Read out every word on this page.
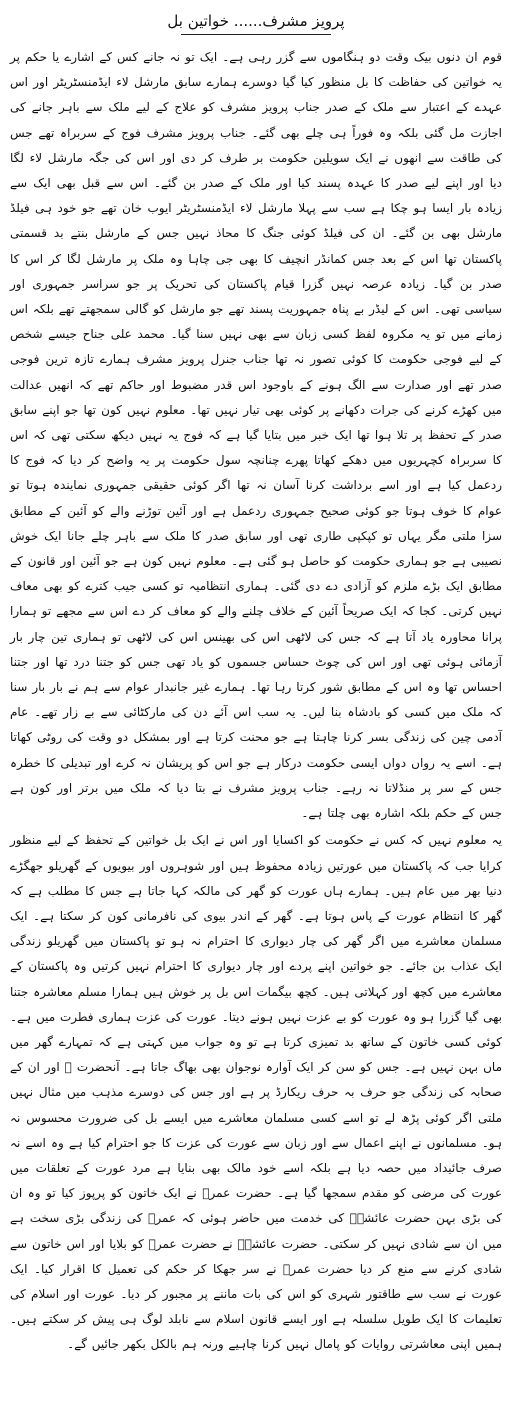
پرویز مشرف...... خواتین بل

قوم ان دنوں بیک وقت دو ہنگاموں سے گزر رہی ہے۔ ایک تو نہ جانے کس کے اشارے یا حکم پر یہ خواتین کی حفاظت کا بل منظور کیا گیا دوسرے ہمارے سابق مارشل لاء ایڈمنسٹریٹر اور اس عہدے کے اعتبار سے ملک کے صدر جناب پرویز مشرف کو علاج کے لیے ملک سے باہر جانے کی اجازت مل گئی بلکہ وہ فوراً ہی چلے بھی گئے۔ جناب پرویز مشرف فوج کے سربراہ تھے جس کی طاقت سے انھوں نے ایک سویلین حکومت بر طرف کر دی اور اس کی جگہ مارشل لاء لگا دیا اور اپنے لیے صدر کا عہدہ پسند کیا اور ملک کے صدر بن گئے۔ اس سے قبل بھی ایک سے زیادہ بار ایسا ہو چکا ہے سب سے پہلا مارشل لاء ایڈمنسٹریٹر ایوب خان تھے جو خود ہی فیلڈ مارشل بھی بن گئے۔ ان کی فیلڈ کوئی جنگ کا محاذ نہیں جس کے مارشل بنتے بد قسمتی پاکستان تھا اس کے بعد جس کمانڈر انچیف کا بھی جی چاہا وہ ملک پر مارشل لگا کر اس کا صدر بن گیا۔ زیادہ عرصہ نہیں گزرا قیام پاکستان کی تحریک پر جو سراسر جمہوری اور سیاسی تھی۔ اس کے لیڈر بے پناہ جمہوریت پسند تھے جو مارشل کو گالی سمجھتے تھے بلکہ اس زمانے میں تو یہ مکروہ لفظ کسی زبان سے بھی نہیں سنا گیا۔ محمد علی جناح جیسے شخص کے لیے فوجی حکومت کا کوئی تصور نہ تھا جناب جنرل پرویز مشرف ہمارے تازہ ترین فوجی صدر تھے اور صدارت سے الگ ہونے کے باوجود اس قدر مضبوط اور حاکم تھے کہ انھیں عدالت میں کھڑے کرنے کی جرات دکھانے پر کوئی بھی تیار نہیں تھا۔ معلوم نہیں کون تھا جو اپنے سابق صدر کے تحفظ پر تلا ہوا تھا ایک خبر میں بتایا گیا ہے کہ فوج یہ نہیں دیکھ سکتی تھی کہ اس کا سربراہ کچہریوں میں دھکے کھاتا پھرے چنانچہ سول حکومت پر یہ واضح کر دیا کہ فوج کا ردعمل کیا ہے اور اسے برداشت کرنا آسان نہ تھا اگر کوئی حقیقی جمہوری نمایندہ ہوتا تو عوام کا خوف ہوتا جو کوئی صحیح جمہوری ردعمل ہے اور آئین توڑنے والے کو آئین کے مطابق سزا ملتی مگر یہاں تو کپکپی طاری تھی اور سابق صدر کا ملک سے باہر چلے جانا ایک خوش نصیبی ہے جو ہماری حکومت کو حاصل ہو گئی ہے۔ معلوم نہیں کون ہے جو آئین اور قانون کے مطابق ایک بڑے ملزم کو آزادی دے دی گئی۔ ہماری انتظامیہ تو کسی جیب کترے کو بھی معاف نہیں کرتی۔ کجا کہ ایک صریحاً آئین کے خلاف چلنے والے کو معاف کر دے اس سے مجھے تو ہمارا پرانا محاورہ یاد آتا ہے کہ جس کی لاٹھی اس کی بھینس اس کی لاٹھی تو ہماری تین چار بار آزمائی ہوئی تھی اور اس کی چوٹ حساس جسموں کو یاد تھی جس کو جتنا درد تھا اور جتنا احساس تھا وہ اس کے مطابق شور کرتا رہا تھا۔ ہمارے غیر جانبدار عوام سے ہم نے بار بار سنا کہ ملک میں کسی کو بادشاہ بنا لیں۔ یہ سب اس آئے دن کی مارکٹائی سے بے زار تھے۔ عام آدمی چین کی زندگی بسر کرنا چاہتا ہے جو محنت کرتا ہے اور بمشکل دو وقت کی روٹی کھاتا ہے۔ اسے یہ رواں دواں ایسی حکومت درکار ہے جو اس کو پریشان نہ کرے اور تبدیلی کا خطرہ جس کے سر پر منڈلاتا نہ رہے۔ جناب پرویز مشرف نے بتا دیا کہ ملک میں برتر اور کون ہے جس کے حکم بلکہ اشارہ بھی چلتا ہے۔

یہ معلوم نہیں کہ کس نے حکومت کو اکسایا اور اس نے ایک بل خواتین کے تحفظ کے لیے منظور کرایا جب کہ پاکستان میں عورتیں زیادہ محفوظ ہیں اور شوہروں اور بیویوں کے گھریلو جھگڑے دنیا بھر میں عام ہیں۔ ہمارے ہاں عورت کو گھر کی مالکہ کہا جاتا ہے جس کا مطلب ہے کہ گھر کا انتظام عورت کے پاس ہوتا ہے۔ گھر کے اندر بیوی کی نافرمانی کون کر سکتا ہے۔ ایک مسلمان معاشرے میں اگر گھر کی چار دیواری کا احترام نہ ہو تو پاکستان میں گھریلو زندگی ایک عذاب بن جائے۔ جو خواتین اپنے پردے اور چار دیواری کا احترام نہیں کرتیں وہ پاکستان کے معاشرے میں کچھ اور کہلاتی ہیں۔ کچھ بیگمات اس بل پر خوش ہیں ہمارا مسلم معاشرہ جتنا بھی گیا گزرا ہو وہ عورت کو بے عزت نہیں ہونے دیتا۔ عورت کی عزت ہماری فطرت میں ہے۔ کوئی کسی خاتون کے ساتھ بد تمیزی کرتا ہے تو وہ جواب میں کہتی ہے کہ تمہارے گھر میں ماں بہن نہیں ہے۔ جس کو سن کر ایک آوارہ نوجوان بھی بھاگ جاتا ہے۔ آنحضرت ﷺ اور ان کے صحابہ کی زندگی جو حرف بہ حرف ریکارڈ پر ہے اور جس کی دوسرے مذہب میں مثال نہیں ملتی اگر کوئی پڑھ لے تو اسے کسی مسلمان معاشرے میں ایسے بل کی ضرورت محسوس نہ ہو۔ مسلمانوں نے اپنے اعمال سے اور زبان سے عورت کی عزت کا جو احترام کیا ہے وہ اسے نہ صرف جائیداد میں حصہ دیا ہے بلکہ اسے خود مالک بھی بنایا ہے مرد عورت کے تعلقات میں عورت کی مرضی کو مقدم سمجھا گیا ہے۔ حضرت عمرؓ نے ایک خاتون کو پرپوز کیا تو وہ ان کی بڑی بہن حضرت عائشہؓ کی خدمت میں حاضر ہوئی کہ عمرؓ کی زندگی بڑی سخت ہے میں ان سے شادی نہیں کر سکتی۔ حضرت عائشہؓ نے حضرت عمرؓ کو بلایا اور اس خاتون سے شادی کرنے سے منع کر دیا حضرت عمرؓ نے سر جھکا کر حکم کی تعمیل کا اقرار کیا۔ ایک عورت نے سب سے طاقتور شہری کو اس کی بات ماننے پر مجبور کر دیا۔ عورت اور اسلام کی تعلیمات کا ایک طویل سلسلہ ہے اور ایسے قانون اسلام سے نابلد لوگ ہی پیش کر سکتے ہیں۔ ہمیں اپنی معاشرتی روایات کو پامال نہیں کرنا چاہیے ورنہ ہم بالکل بکھر جائیں گے۔
